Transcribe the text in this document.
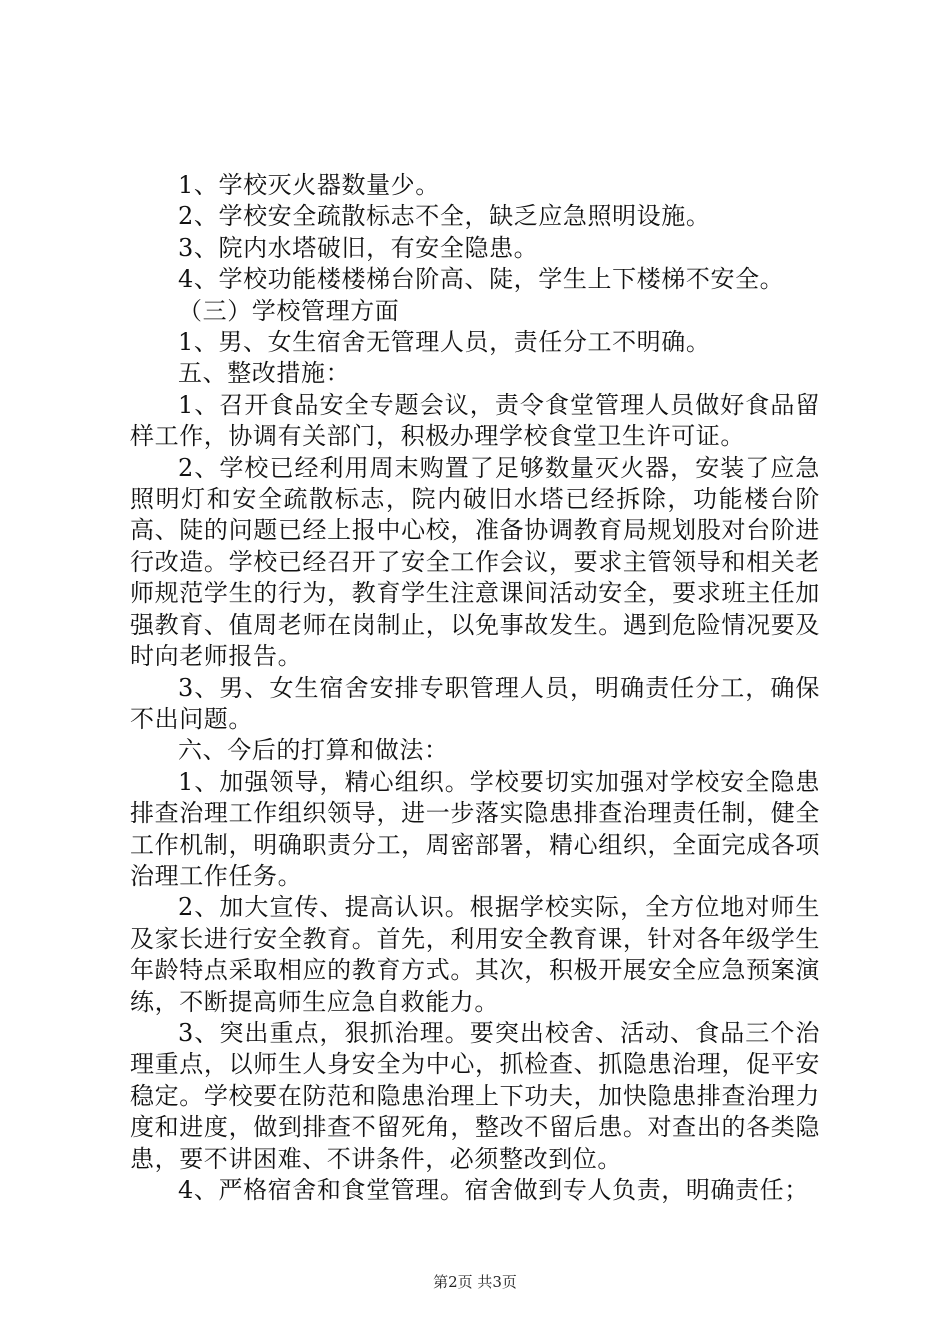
1、学校灭火器数量少。

2、学校安全疏散标志不全，缺乏应急照明设施。

3、院内水塔破旧，有安全隐患。

4、学校功能楼楼梯台阶高、陡，学生上下楼梯不安全。

（三）学校管理方面

1、男、女生宿舍无管理人员，责任分工不明确。

五、整改措施：

1、召开食品安全专题会议，责令食堂管理人员做好食品留样工作，协调有关部门，积极办理学校食堂卫生许可证。

2、学校已经利用周末购置了足够数量灭火器，安装了应急照明灯和安全疏散标志，院内破旧水塔已经拆除，功能楼台阶高、陡的问题已经上报中心校，准备协调教育局规划股对台阶进行改造。学校已经召开了安全工作会议，要求主管领导和相关老师规范学生的行为，教育学生注意课间活动安全，要求班主任加强教育、值周老师在岗制止，以免事故发生。遇到危险情况要及时向老师报告。

3、男、女生宿舍安排专职管理人员，明确责任分工，确保不出问题。

六、今后的打算和做法：

1、加强领导，精心组织。学校要切实加强对学校安全隐患排查治理工作组织领导，进一步落实隐患排查治理责任制，健全工作机制，明确职责分工，周密部署，精心组织，全面完成各项治理工作任务。

2、加大宣传、提高认识。根据学校实际，全方位地对师生及家长进行安全教育。首先，利用安全教育课，针对各年级学生年龄特点采取相应的教育方式。其次，积极开展安全应急预案演练，不断提高师生应急自救能力。

3、突出重点，狠抓治理。要突出校舍、活动、食品三个治理重点，以师生人身安全为中心，抓检查、抓隐患治理，促平安稳定。学校要在防范和隐患治理上下功夫，加快隐患排查治理力度和进度，做到排查不留死角，整改不留后患。对查出的各类隐患，要不讲困难、不讲条件，必须整改到位。

4、严格宿舍和食堂管理。宿舍做到专人负责，明确责任；

第2页 共3页
